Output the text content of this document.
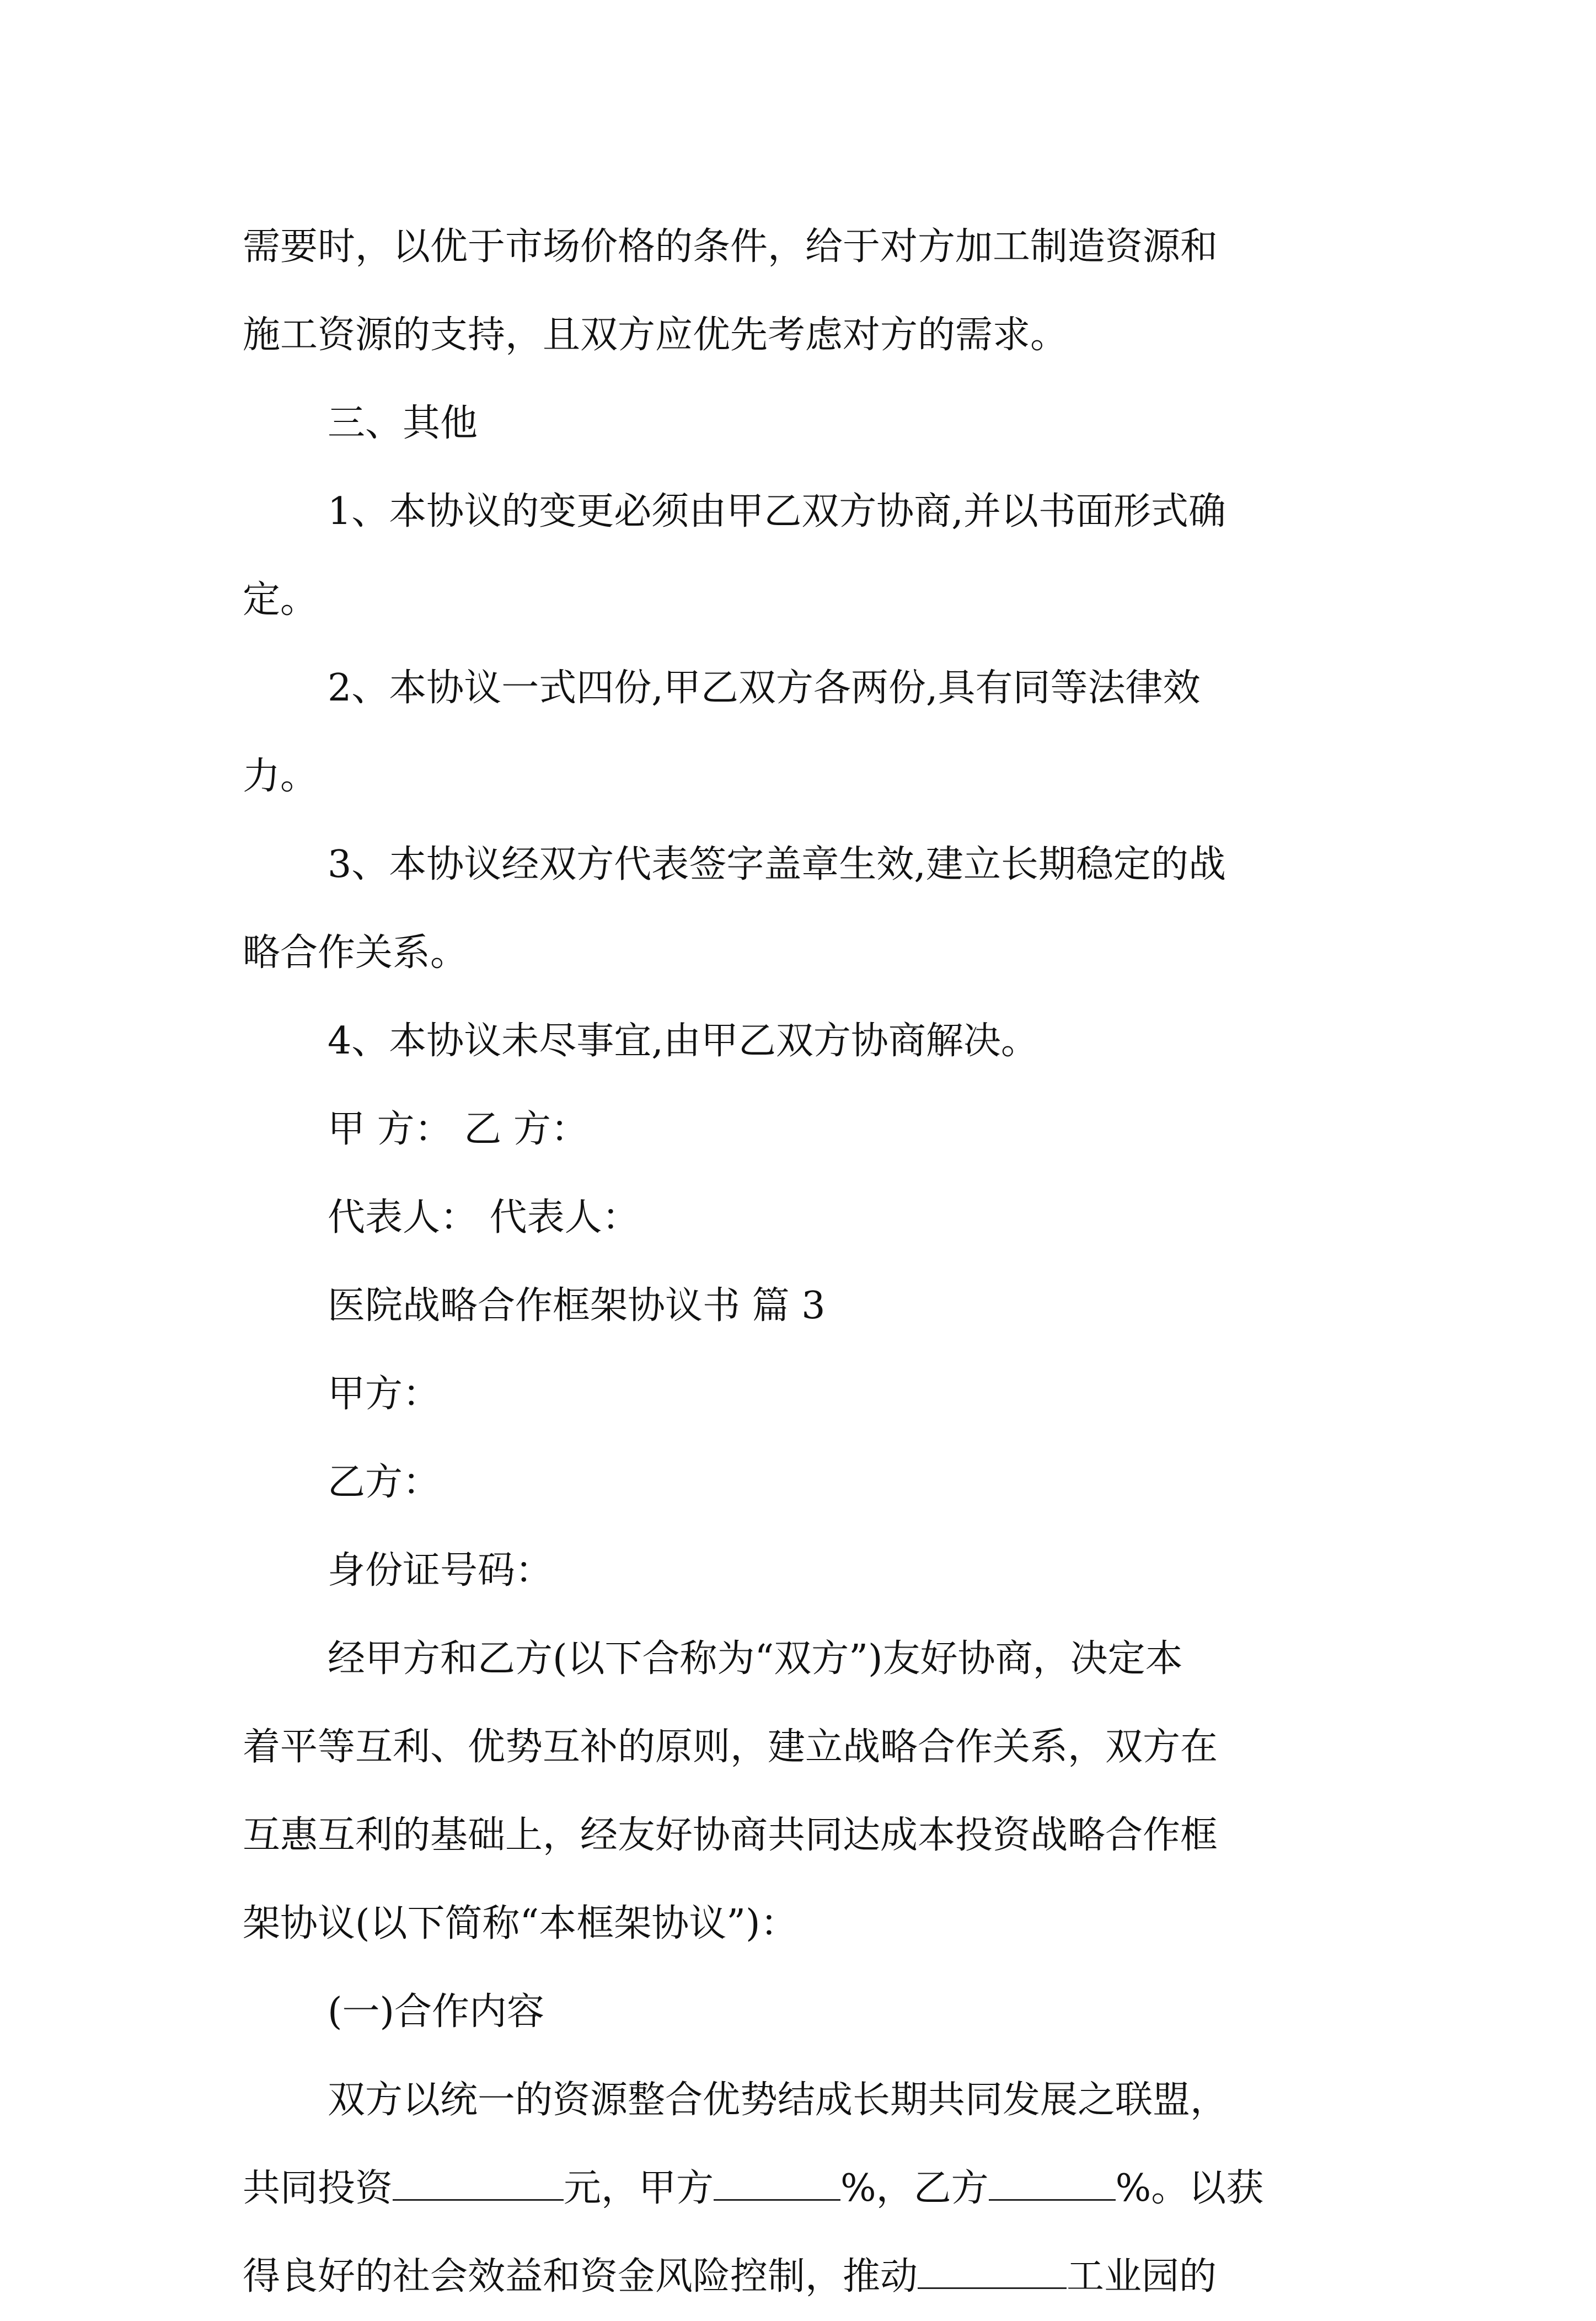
需要时，以优于市场价格的条件，给于对方加工制造资源和

施工资源的支持，且双方应优先考虑对方的需求。

三、其他

1、本协议的变更必须由甲乙双方协商,并以书面形式确

定。

2、本协议一式四份,甲乙双方各两份,具有同等法律效

力。

3、本协议经双方代表签字盖章生效,建立长期稳定的战

略合作关系。

4、本协议未尽事宜,由甲乙双方协商解决。

甲 方： 乙 方：

代表人： 代表人：

医院战略合作框架协议书 篇 3

甲方：

乙方：

身份证号码：

经甲方和乙方(以下合称为“双方”)友好协商，决定本

着平等互利、优势互补的原则，建立战略合作关系，双方在

互惠互利的基础上，经友好协商共同达成本投资战略合作框

架协议(以下简称“本框架协议”)：

(一)合作内容

双方以统一的资源整合优势结成长期共同发展之联盟，

共同投资	元，甲方	%，乙方	%。以获

得良好的社会效益和资金风险控制，推动	工业园的
